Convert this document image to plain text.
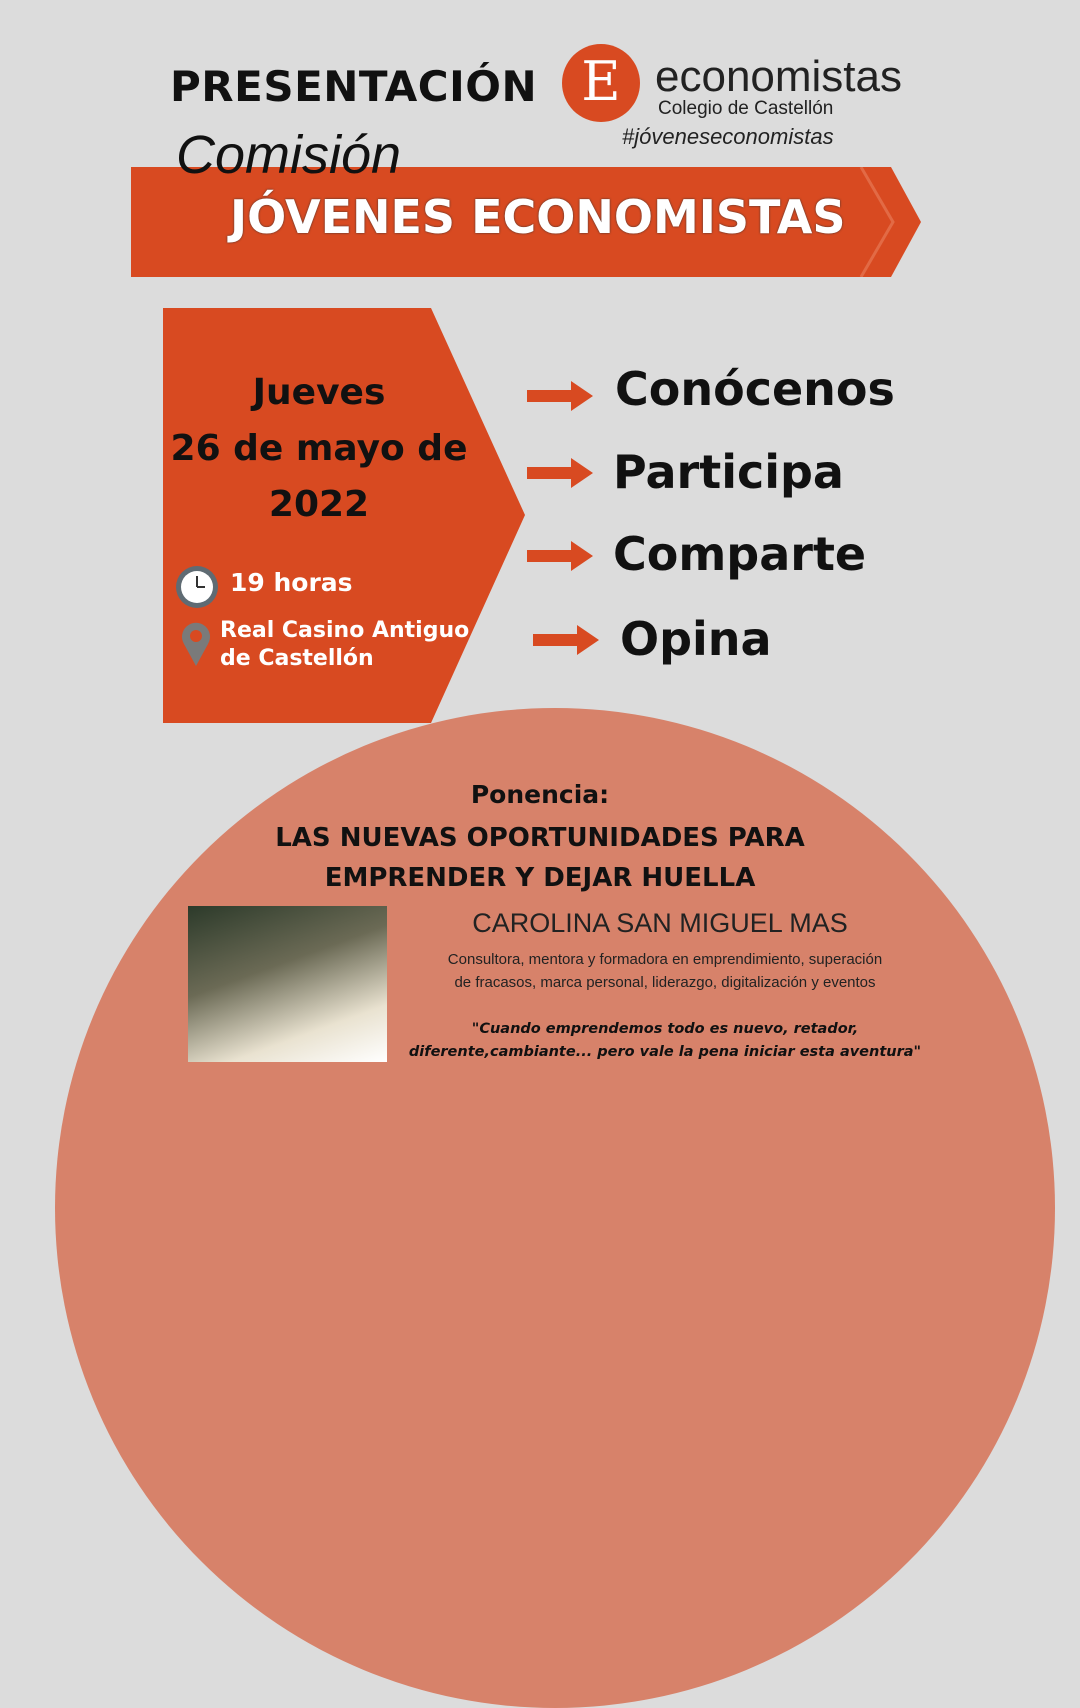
PRESENTACIÓN E economistas
Colegio de Castellón
#jóveneseconomistas
Comisión
JÓVENES ECONOMISTAS
Jueves
26 de mayo de
2022
19 horas
Real Casino Antiguo
de Castellón
Conócenos
Participa
Comparte
Opina
Ponencia:
LAS NUEVAS OPORTUNIDADES PARA
EMPRENDER Y DEJAR HUELLA
CAROLINA SAN MIGUEL MAS
Consultora, mentora y formadora en emprendimiento, superación
de fracasos, marca personal, liderazgo, digitalización y eventos
"Cuando emprendemos todo es nuevo, retador,
diferente,cambiante... pero vale la pena iniciar esta aventura"
